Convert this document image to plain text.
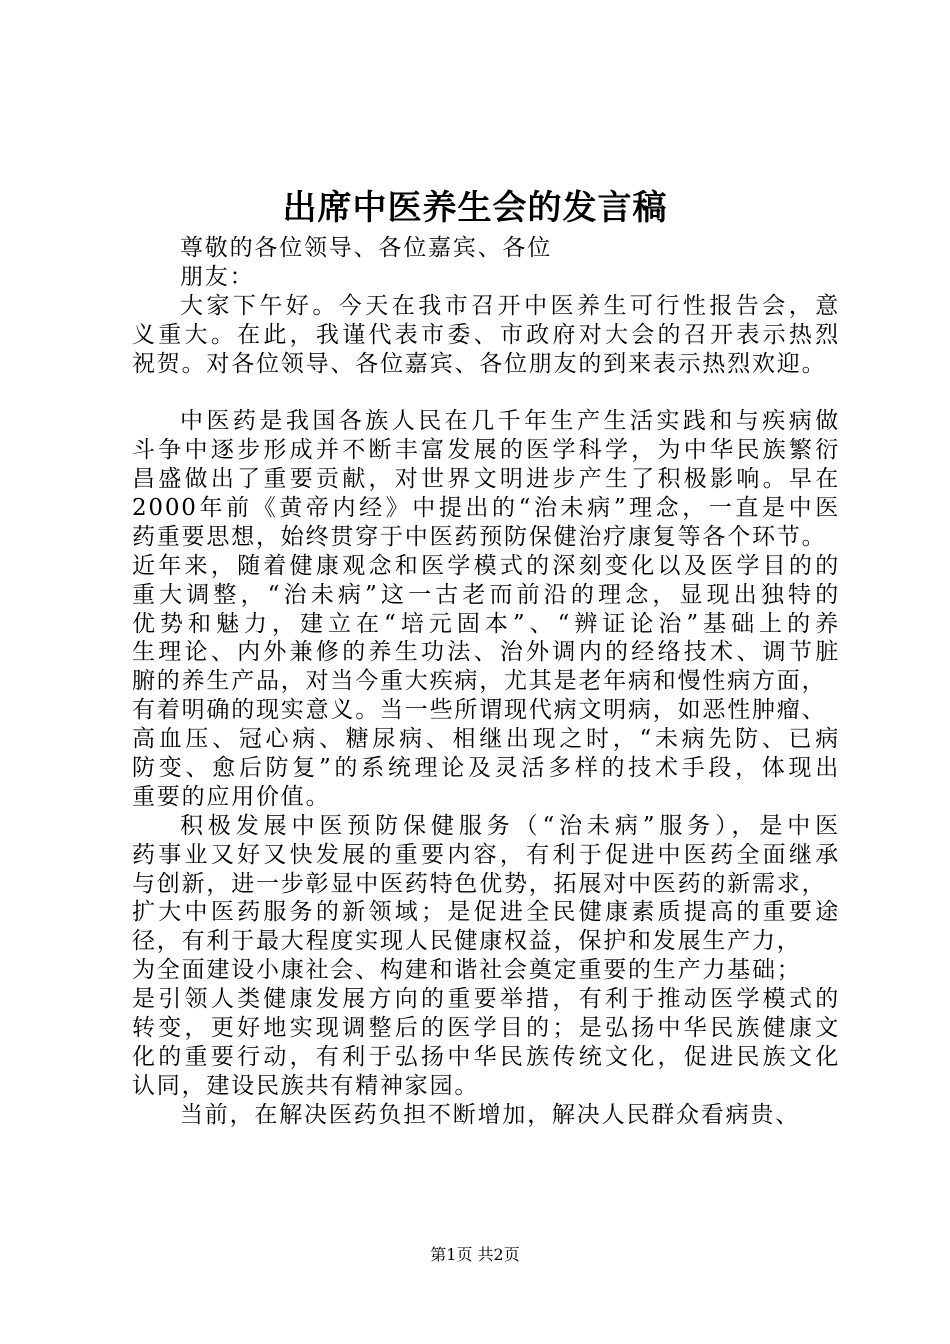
出席中医养生会的发言稿
尊敬的各位领导、各位嘉宾、各位
朋友：
大家下午好。今天在我市召开中医养生可行性报告会，意
义重大。在此，我谨代表市委、市政府对大会的召开表示热烈
祝贺。对各位领导、各位嘉宾、各位朋友的到来表示热烈欢迎。
中医药是我国各族人民在几千年生产生活实践和与疾病做
斗争中逐步形成并不断丰富发展的医学科学，为中华民族繁衍
昌盛做出了重要贡献，对世界文明进步产生了积极影响。早在
2000年前《黄帝内经》中提出的“治未病”理念，一直是中医
药重要思想，始终贯穿于中医药预防保健治疗康复等各个环节。
近年来，随着健康观念和医学模式的深刻变化以及医学目的的
重大调整，“治未病”这一古老而前沿的理念，显现出独特的
优势和魅力，建立在“培元固本”、“辨证论治”基础上的养
生理论、内外兼修的养生功法、治外调内的经络技术、调节脏
腑的养生产品，对当今重大疾病，尤其是老年病和慢性病方面，
有着明确的现实意义。当一些所谓现代病文明病，如恶性肿瘤、
高血压、冠心病、糖尿病、相继出现之时，“未病先防、已病
防变、愈后防复”的系统理论及灵活多样的技术手段，体现出
重要的应用价值。
积极发展中医预防保健服务（“治未病”服务），是中医
药事业又好又快发展的重要内容，有利于促进中医药全面继承
与创新，进一步彰显中医药特色优势，拓展对中医药的新需求，
扩大中医药服务的新领域；是促进全民健康素质提高的重要途
径，有利于最大程度实现人民健康权益，保护和发展生产力，
为全面建设小康社会、构建和谐社会奠定重要的生产力基础；
是引领人类健康发展方向的重要举措，有利于推动医学模式的
转变，更好地实现调整后的医学目的；是弘扬中华民族健康文
化的重要行动，有利于弘扬中华民族传统文化，促进民族文化
认同，建设民族共有精神家园。
当前，在解决医药负担不断增加，解决人民群众看病贵、
第1页 共2页
